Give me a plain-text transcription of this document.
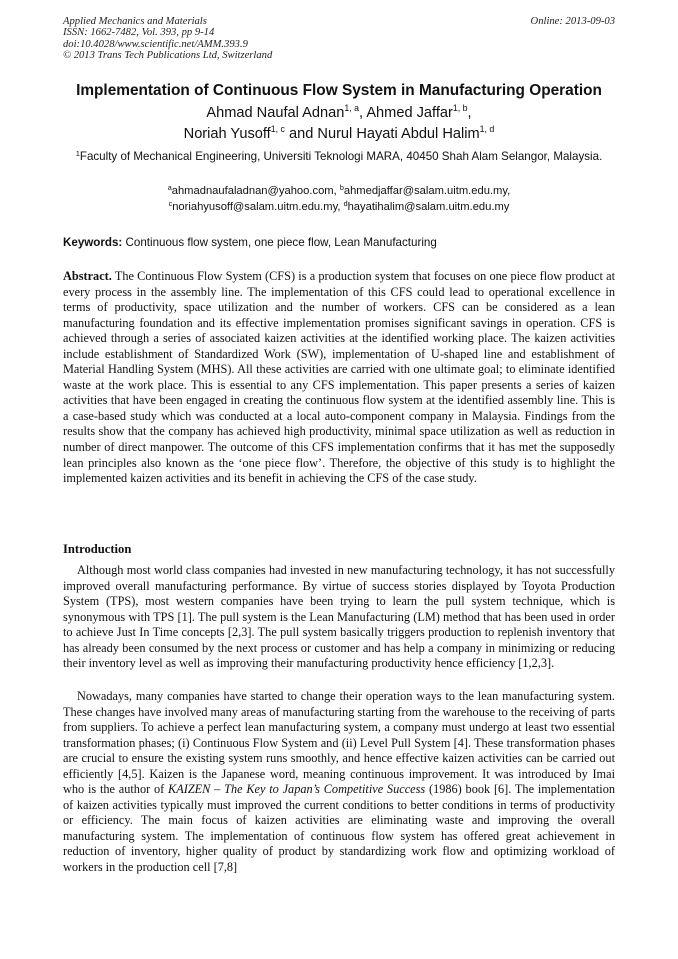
Applied Mechanics and Materials
ISSN: 1662-7482, Vol. 393, pp 9-14
doi:10.4028/www.scientific.net/AMM.393.9
© 2013 Trans Tech Publications Ltd, Switzerland
Online: 2013-09-03
Implementation of Continuous Flow System in Manufacturing Operation
Ahmad Naufal Adnan$^{1, a}$, Ahmed Jaffar$^{1, b}$,
Noriah Yusoff$^{1, c}$ and Nurul Hayati Abdul Halim$^{1, d}$
$^1$Faculty of Mechanical Engineering, Universiti Teknologi MARA, 40450 Shah Alam Selangor, Malaysia.
$^a$ahmadnaufaladnan@yahoo.com, $^b$ahmedjaffar@salam.uitm.edu.my,
$^c$noriahyusoff@salam.uitm.edu.my, $^d$hayatihalim@salam.uitm.edu.my
Keywords: Continuous flow system, one piece flow, Lean Manufacturing

Abstract. The Continuous Flow System (CFS) is a production system that focuses on one piece flow product at every process in the assembly line. The implementation of this CFS could lead to operational excellence in terms of productivity, space utilization and the number of workers. CFS can be considered as a lean manufacturing foundation and its effective implementation promises significant savings in operation. CFS is achieved through a series of associated kaizen activities at the identified working place. The kaizen activities include establishment of Standardized Work (SW), implementation of U-shaped line and establishment of Material Handling System (MHS). All these activities are carried with one ultimate goal; to eliminate identified waste at the work place. This is essential to any CFS implementation. This paper presents a series of kaizen activities that have been engaged in creating the continuous flow system at the identified assembly line. This is a case-based study which was conducted at a local auto-component company in Malaysia. Findings from the results show that the company has achieved high productivity, minimal space utilization as well as reduction in number of direct manpower. The outcome of this CFS implementation confirms that it has met the supposedly lean principles also known as the ‘one piece flow’. Therefore, the objective of this study is to highlight the implemented kaizen activities and its benefit in achieving the CFS of the case study.

Introduction

Although most world class companies had invested in new manufacturing technology, it has not successfully improved overall manufacturing performance. By virtue of success stories displayed by Toyota Production System (TPS), most western companies have been trying to learn the pull system technique, which is synonymous with TPS [1]. The pull system is the Lean Manufacturing (LM) method that has been used in order to achieve Just In Time concepts [2,3]. The pull system basically triggers production to replenish inventory that has already been consumed by the next process or customer and has help a company in minimizing or reducing their inventory level as well as improving their manufacturing productivity hence efficiency [1,2,3].

Nowadays, many companies have started to change their operation ways to the lean manufacturing system. These changes have involved many areas of manufacturing starting from the warehouse to the receiving of parts from suppliers. To achieve a perfect lean manufacturing system, a company must undergo at least two essential transformation phases; (i) Continuous Flow System and (ii) Level Pull System [4]. These transformation phases are crucial to ensure the existing system runs smoothly, and hence effective kaizen activities can be carried out efficiently [4,5]. Kaizen is the Japanese word, meaning continuous improvement. It was introduced by Imai who is the author of KAIZEN – The Key to Japan’s Competitive Success (1986) book [6]. The implementation of kaizen activities typically must improved the current conditions to better conditions in terms of productivity or efficiency. The main focus of kaizen activities are eliminating waste and improving the overall manufacturing system. The implementation of continuous flow system has offered great achievement in reduction of inventory, higher quality of product by standardizing work flow and optimizing workload of workers in the production cell [7,8]
